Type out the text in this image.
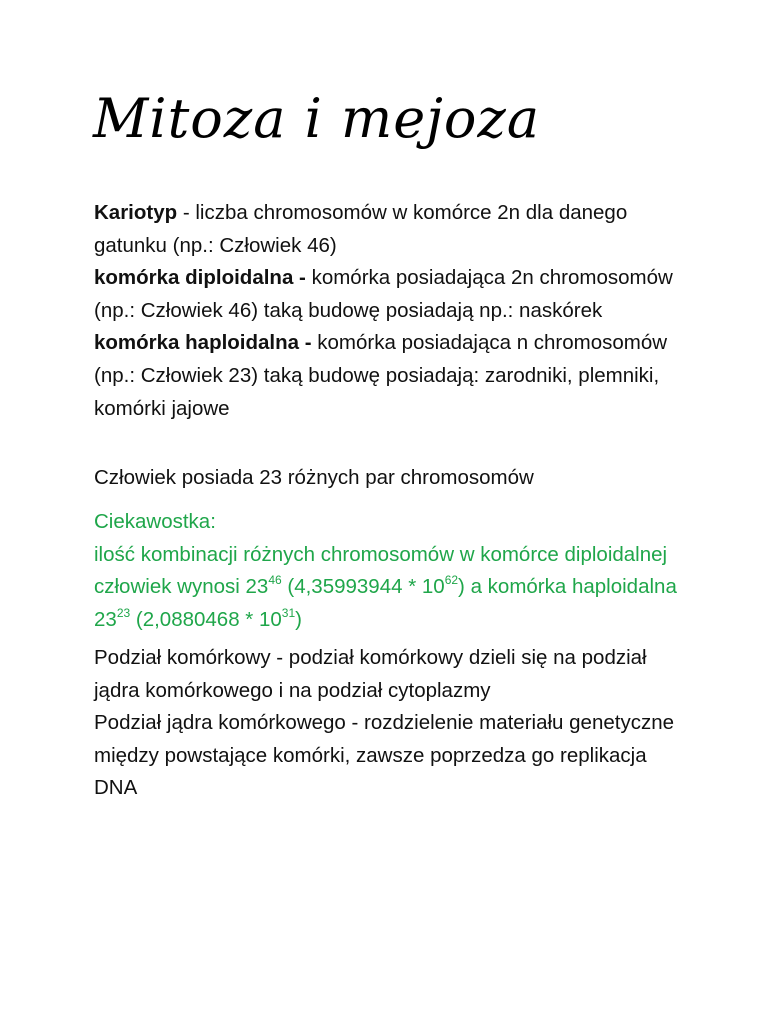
Mitoza i mejoza

Kariotyp - liczba chromosomów w komórce 2n dla danego gatunku (np.: Człowiek 46)

komórka diploidalna - komórka posiadająca 2n chromosomów (np.: Człowiek 46) taką budowę posiadają np.: naskórek

komórka haploidalna - komórka posiadająca n chromosomów (np.: Człowiek 23) taką budowę posiadają: zarodniki, plemniki, komórki jajowe

Człowiek posiada 23 różnych par chromosomów

Ciekawostka:

ilość kombinacji różnych chromosomów w komórce diploidalnej człowiek wynosi $23^{46}$ $(4,35993944 * 10^{62})$ a komórka haploidalna $23^{23}$ $(2,0880468 * 10^{31})$

Podział komórkowy - podział komórkowy dzieli się na podział jądra komórkowego i na podział cytoplazmy

Podział jądra komórkowego - rozdzielenie materiału genetyczne między powstające komórki, zawsze poprzedza go replikacja DNA
